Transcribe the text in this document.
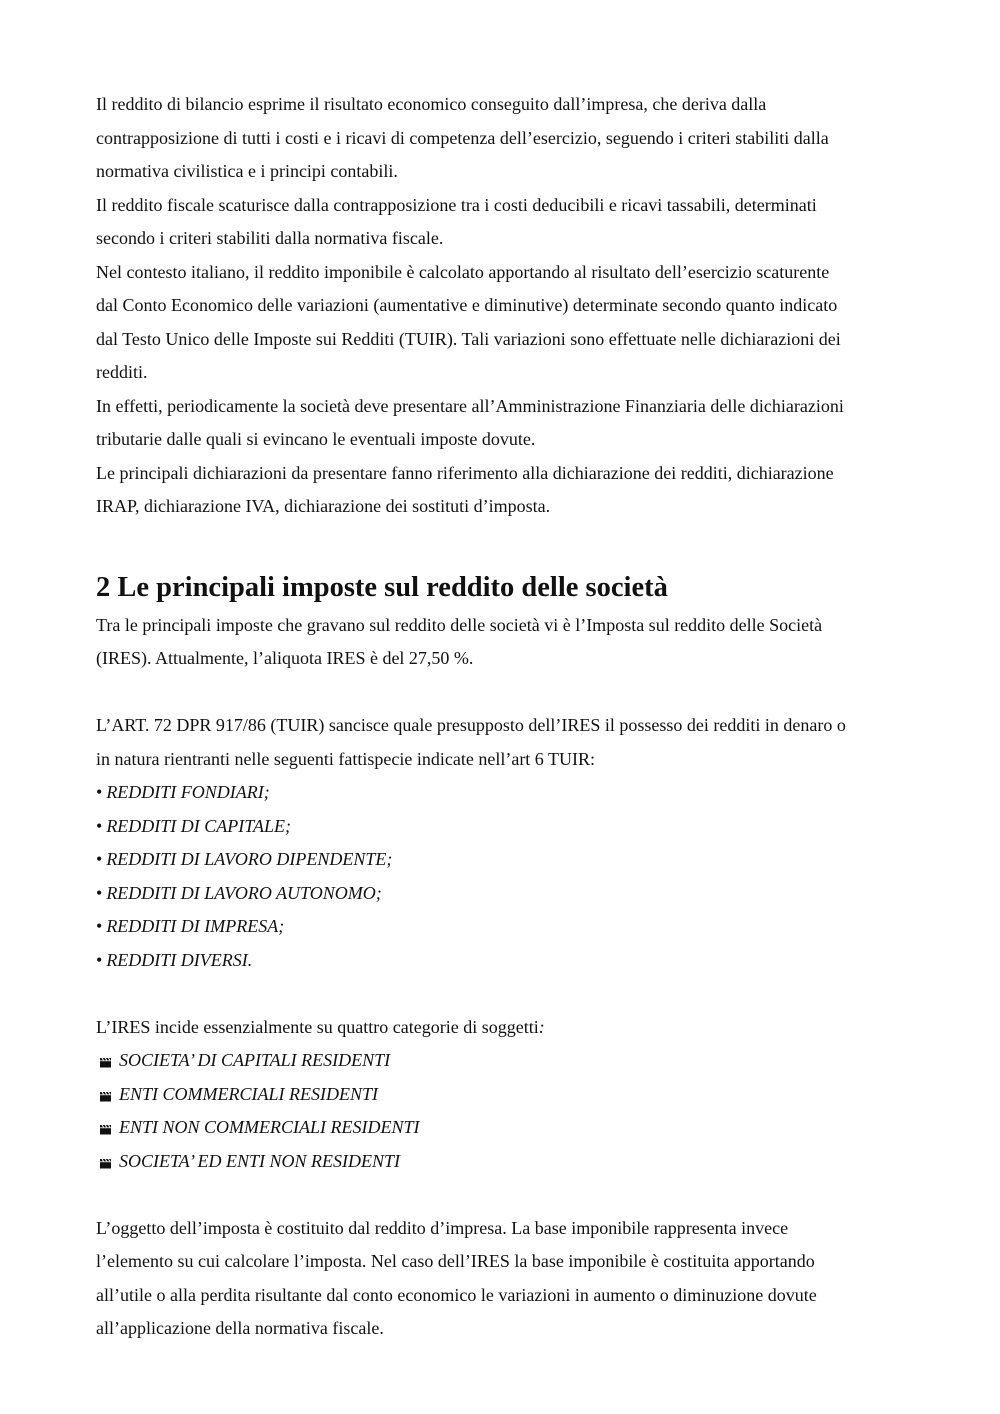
Il reddito di bilancio esprime il risultato economico conseguito dall’impresa, che deriva dalla
contrapposizione di tutti i costi e i ricavi di competenza dell’esercizio, seguendo i criteri stabiliti dalla
normativa civilistica e i principi contabili.
Il reddito fiscale scaturisce dalla contrapposizione tra i costi deducibili e ricavi tassabili, determinati
secondo i criteri stabiliti dalla normativa fiscale.
Nel contesto italiano, il reddito imponibile è calcolato apportando al risultato dell’esercizio scaturente
dal Conto Economico delle variazioni (aumentative e diminutive) determinate secondo quanto indicato
dal Testo Unico delle Imposte sui Redditi (TUIR). Tali variazioni sono effettuate nelle dichiarazioni dei
redditi.
In effetti, periodicamente la società deve presentare all’Amministrazione Finanziaria delle dichiarazioni
tributarie dalle quali si evincano le eventuali imposte dovute.
Le principali dichiarazioni da presentare fanno riferimento alla dichiarazione dei redditi, dichiarazione
IRAP, dichiarazione IVA, dichiarazione dei sostituti d’imposta.
2 Le principali imposte sul reddito delle società
Tra le principali imposte che gravano sul reddito delle società vi è l’Imposta sul reddito delle Società
(IRES). Attualmente, l’aliquota IRES è del 27,50 %.
L’ART. 72 DPR 917/86 (TUIR) sancisce quale presupposto dell’IRES il possesso dei redditi in denaro o
in natura rientranti nelle seguenti fattispecie indicate nell’art 6 TUIR:
• REDDITI FONDIARI;
• REDDITI DI CAPITALE;
• REDDITI DI LAVORO DIPENDENTE;
• REDDITI DI LAVORO AUTONOMO;
• REDDITI DI IMPRESA;
• REDDITI DIVERSI.
L’IRES incide essenzialmente su quattro categorie di soggetti:
SOCIETA’ DI CAPITALI RESIDENTI
ENTI COMMERCIALI RESIDENTI
ENTI NON COMMERCIALI RESIDENTI
SOCIETA’ ED ENTI NON RESIDENTI
L’oggetto dell’imposta è costituito dal reddito d’impresa. La base imponibile rappresenta invece
l’elemento su cui calcolare l’imposta. Nel caso dell’IRES la base imponibile è costituita apportando
all’utile o alla perdita risultante dal conto economico le variazioni in aumento o diminuzione dovute
all’applicazione della normativa fiscale.
